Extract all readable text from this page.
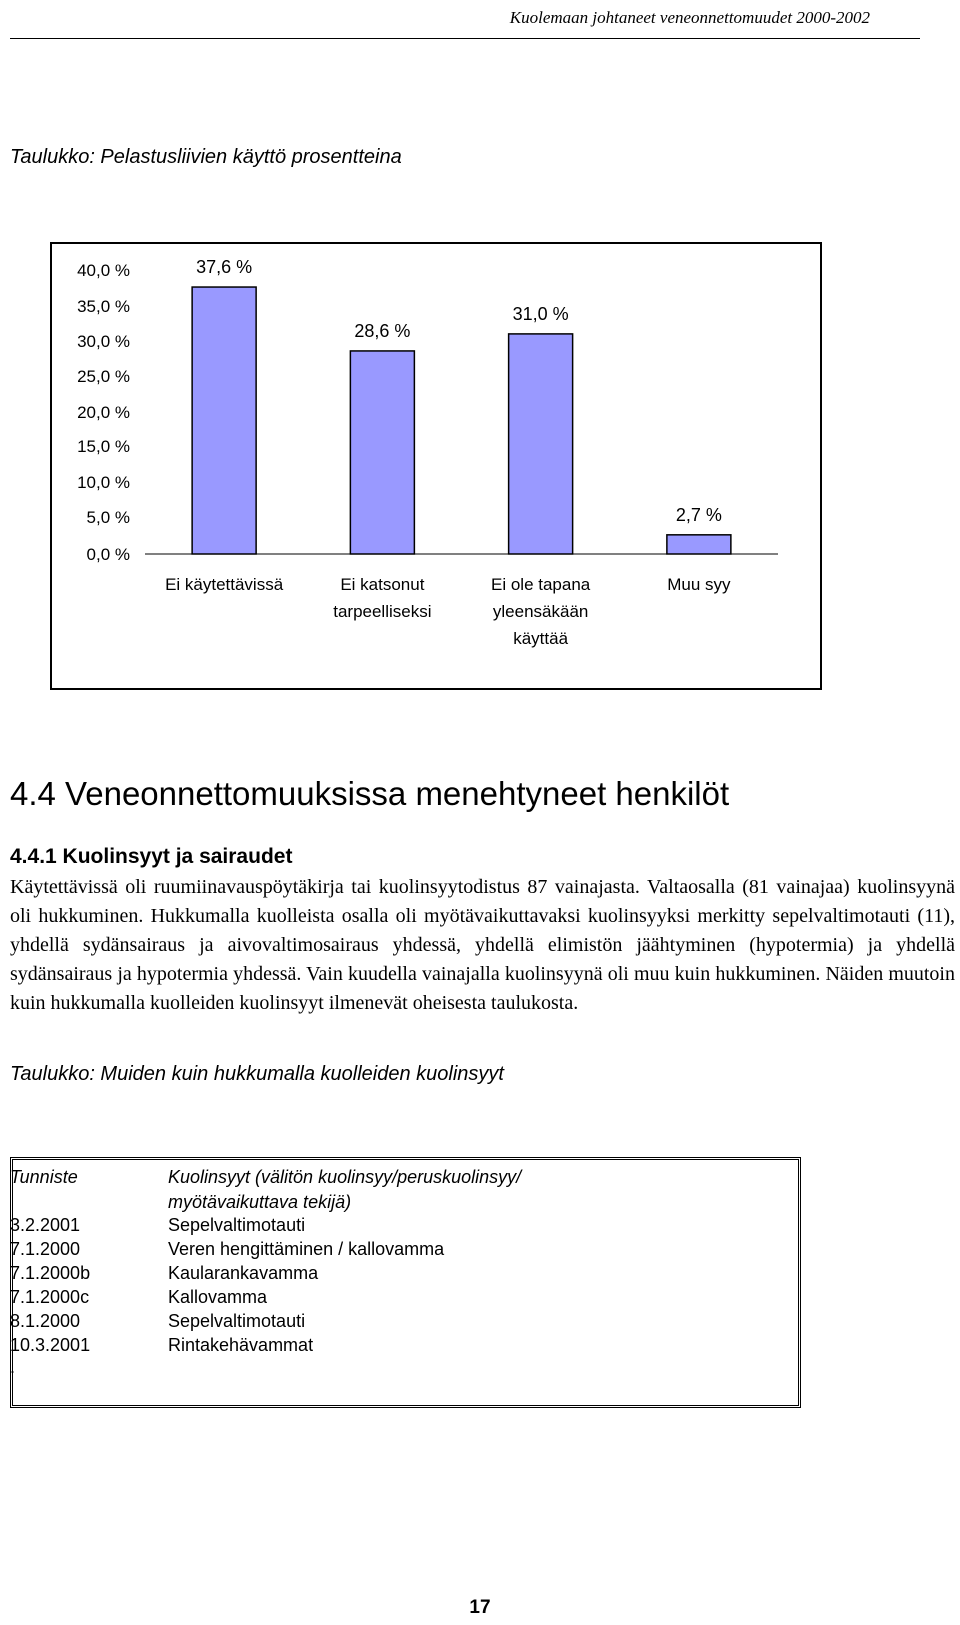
Kuolemaan johtaneet veneonnettomuudet 2000-2002
Taulukko: Pelastusliivien käyttö prosentteina
0,0 %
5,0 %
10,0 %
15,0 %
20,0 %
25,0 %
30,0 %
35,0 %
40,0 %	37,6 %
Ei käytettävissä
28,6 %
Ei katsonut
tarpeelliseksi
31,0 %
Ei ole tapana
yleensäkään
käyttää
2,7 %
Muu syy
4.4 Veneonnettomuuksissa menehtyneet henkilöt
4.4.1 Kuolinsyyt ja sairaudet
Käytettävissä oli ruumiinavauspöytäkirja tai kuolinsyytodistus 87 vainajasta. Valtaosalla (81 vainajaa) kuolinsyynä oli hukkuminen. Hukkumalla kuolleista osalla oli myötävaikuttavaksi kuolinsyyksi merkitty sepelvaltimotauti (11), yhdellä sydänsairaus ja aivovaltimosairaus yhdessä, yhdellä elimistön jäähtyminen (hypotermia) ja yhdellä sydänsairaus ja hypotermia yhdessä. Vain kuudella vainajalla kuolinsyynä oli muu kuin hukkuminen. Näiden muutoin kuin hukkumalla kuolleiden kuolinsyyt ilmenevät oheisesta taulukosta.
Taulukko: Muiden kuin hukkumalla kuolleiden kuolinsyyt
Tunniste	Kuolinsyyt (välitön kuolinsyy/peruskuolinsyy/
myötävaikuttava tekijä)
3.2.2001	Sepelvaltimotauti
7.1.2000	Veren hengittäminen / kallovamma
7.1.2000b	Kaularankavamma
7.1.2000c	Kallovamma
8.1.2000	Sepelvaltimotauti
10.3.2001	Rintakehävammat
.
17
